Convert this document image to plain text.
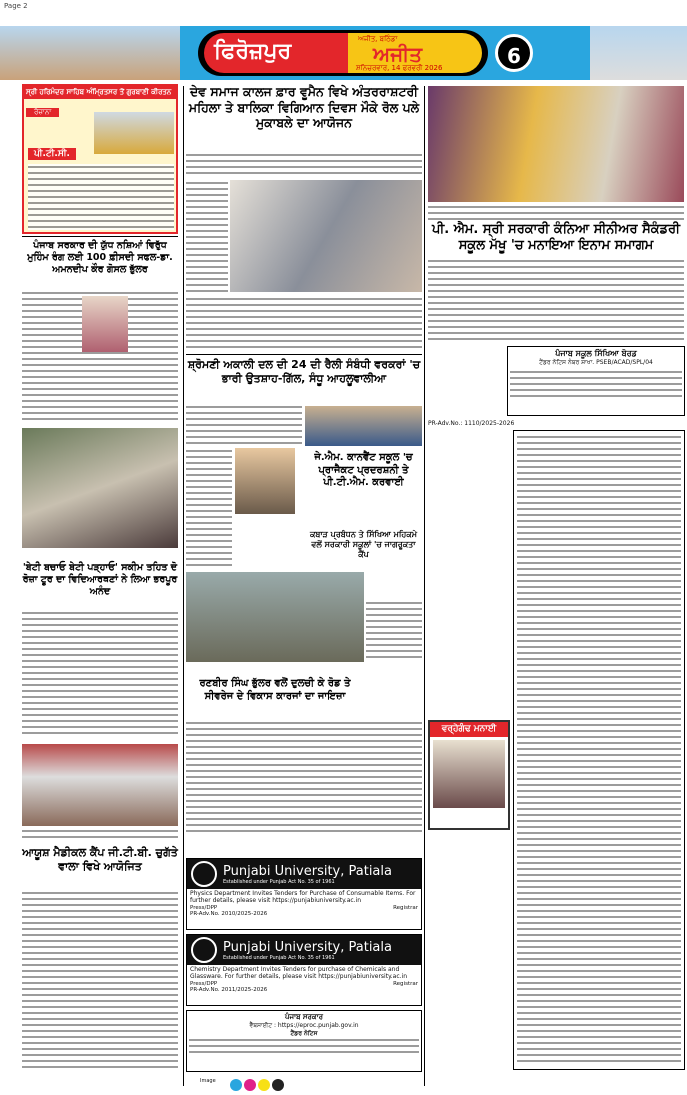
Page 2
ਫਿਰੋਜ਼ਪੁਰ	ਅਜੀਤ, ਬਠਿੰਡਾ
ਅਜੀਤ
ਸ਼ਨਿਚਰਵਾਰ, 14 ਫਰਵਰੀ 2026	6
ਸ੍ਰੀ ਹਰਿਮੰਦਰ ਸਾਹਿਬ ਅੰਮ੍ਰਿਤਸਰ ਤੋਂ ਗੁਰਬਾਣੀ ਕੀਰਤਨ
ਰੋਜ਼ਾਨਾ
ਪੀ.ਟੀ.ਸੀ.
ਦੇਵ ਸਮਾਜ ਕਾਲਜ ਫ਼ਾਰ ਵੂਮੈਨ ਵਿਖੇ ਅੰਤਰਰਾਸ਼ਟਰੀ ਮਹਿਲਾ ਤੇ ਬਾਲਿਕਾ ਵਿਗਿਆਨ ਦਿਵਸ ਮੌਕੇ ਰੋਲ ਪਲੇ ਮੁਕਾਬਲੇ ਦਾ ਆਯੋਜਨ
ਪੀ. ਐਮ. ਸ੍ਰੀ ਸਰਕਾਰੀ ਕੰਨਿਆ ਸੀਨੀਅਰ ਸੈਕੰਡਰੀ ਸਕੂਲ ਮੱਖੂ 'ਚ ਮਨਾਇਆ ਇਨਾਮ ਸਮਾਗਮ
ਪੰਜਾਬ ਸਕੂਲ ਸਿੱਖਿਆ ਬੋਰਡ
ਟੈਂਡਰ ਨੋਟਿਸ ਨੰਬਰ ਸ਼ਾਖਾ. PSEB/ACAD/SPL/04
PR-Adv.No.: 1110/2025-2026
ਪੰਜਾਬ ਸਰਕਾਰ ਦੀ ਯੁੱਧ ਨਸ਼ਿਆਂ ਵਿਰੁੱਧ ਮੁਹਿੰਮ ਰੰਗ ਲਈ 100 ਫ਼ੀਸਦੀ ਸਫਲ-ਡਾ. ਅਮਨਦੀਪ ਕੌਰ ਗੋਸਲ ਭੁੱਲਰ
'ਬੇਟੀ ਬਚਾਓ ਬੇਟੀ ਪੜ੍ਹਾਓ' ਸਕੀਮ ਤਹਿਤ ਦੋ ਰੋਜ਼ਾ ਟੂਰ ਦਾ ਵਿਦਿਆਰਥਣਾਂ ਨੇ ਲਿਆ ਭਰਪੂਰ ਅਨੰਦ
ਆਯੂਸ਼ ਮੈਡੀਕਲ ਕੈਂਪ ਜੀ.ਟੀ.ਬੀ. ਚੁਗੱਤੇ ਵਾਲਾ ਵਿਖੇ ਆਯੋਜਿਤ
ਸ਼੍ਰੋਮਣੀ ਅਕਾਲੀ ਦਲ ਦੀ 24 ਦੀ ਰੈਲੀ ਸੰਬੰਧੀ ਵਰਕਰਾਂ 'ਚ ਭਾਰੀ ਉਤਸ਼ਾਹ-ਗਿੱਲ, ਸੰਧੂ ਆਹਲੂਵਾਲੀਆ
ਰਣਬੀਰ ਸਿੰਘ ਭੁੱਲਰ ਵਲੋਂ ਦੁਲਚੀ ਕੇ ਰੋਡ ਤੇ ਸੀਵਰੇਜ ਦੇ ਵਿਕਾਸ ਕਾਰਜਾਂ ਦਾ ਜਾਇਜ਼ਾ
ਜੇ.ਐਮ. ਕਾਨਵੈਂਟ ਸਕੂਲ 'ਚ ਪ੍ਰਾਜੈਕਟ ਪ੍ਰਦਰਸ਼ਨੀ ਤੇ ਪੀ.ਟੀ.ਐਮ. ਕਰਵਾਈ
ਕਬਾੜ ਪ੍ਰਬੰਧਨ ਤੇ ਸਿੱਖਿਆ ਮਹਿਕਮੇ ਵਲੋਂ ਸਰਕਾਰੀ ਸਕੂਲਾਂ 'ਚ ਜਾਗਰੂਕਤਾ ਕੈਂਪ
ਵਰ੍ਹੇਗੰਢ ਮਨਾਈ
Punjabi University, Patiala
Established under Punjab Act No. 35 of 1961
Physics Department Invites Tenders for Purchase of Consumable Items. For further details, please visit https://punjabiuniversity.ac.in
Press/DPP	Registrar
PR-Adv.No. 2010/2025-2026
Punjabi University, Patiala
Established under Punjab Act No. 35 of 1961
Chemistry Department Invites Tenders for purchase of Chemicals and Glassware. For further details, please visit https://punjabiuniversity.ac.in
Press/DPP	Registrar
PR-Adv.No. 2011/2025-2026
ਪੰਜਾਬ ਸਰਕਾਰ
ਵੈੱਬਸਾਈਟ : https://eproc.punjab.gov.in
ਟੈਂਡਰ ਨੋਟਿਸ
Image
